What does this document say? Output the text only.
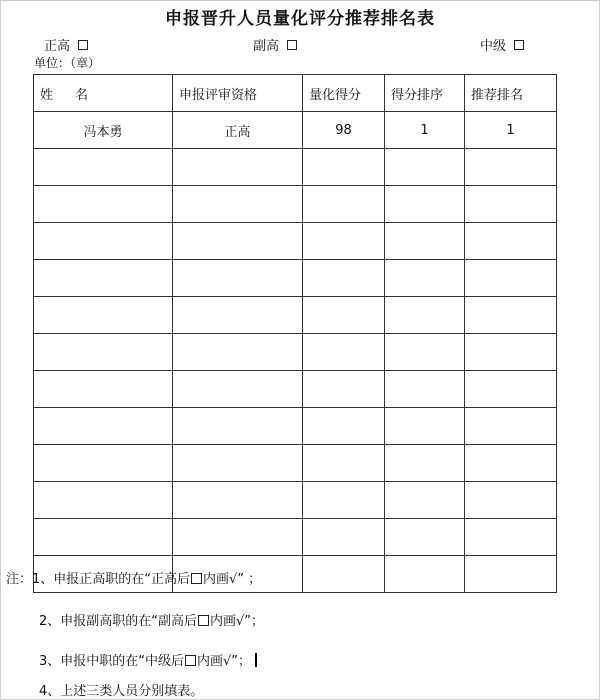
申报晋升人员量化评分推荐排名表
正高	副高	中级
单位：（章）
姓 名	申报评审资格	量化得分	得分排序	推荐排名
冯本勇	正高	98	1	1

注：1、申报正高职的在“正高后 内画√” ；
2、申报副高职的在“副高后 内画√”；
3、申报中职的在“中级后 内画√”；
4、上述三类人员分别填表。
